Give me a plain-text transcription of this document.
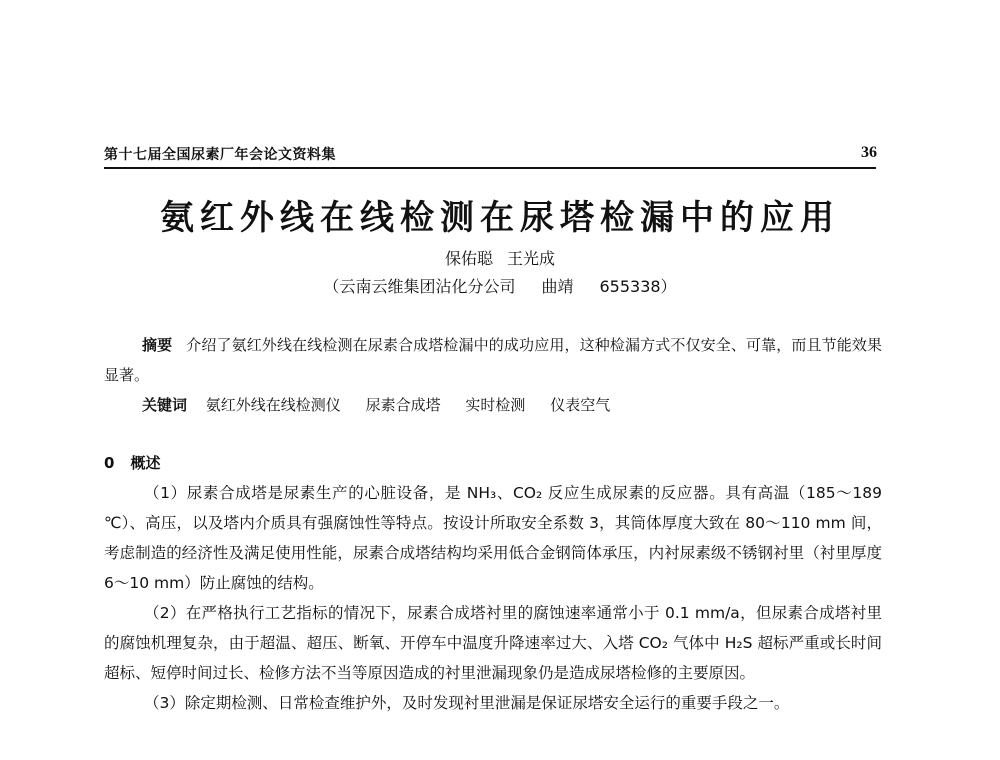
第十七届全国尿素厂年会论文资料集	36
氨红外线在线检测在尿塔检漏中的应用
保佑聪 王光成
（云南云维集团沾化分公司 曲靖 655338）
摘要 介绍了氨红外线在线检测在尿素合成塔检漏中的成功应用，这种检漏方式不仅安全、可靠，而且节能效果显著。
关键词 氨红外线在线检测仪 尿素合成塔 实时检测 仪表空气
0 概述

（1）尿素合成塔是尿素生产的心脏设备，是 NH₃、CO₂ 反应生成尿素的反应器。具有高温（185～189 ℃）、高压，以及塔内介质具有强腐蚀性等特点。按设计所取安全系数 3，其筒体厚度大致在 80～110 mm 间，考虑制造的经济性及满足使用性能，尿素合成塔结构均采用低合金钢筒体承压，内衬尿素级不锈钢衬里（衬里厚度 6～10 mm）防止腐蚀的结构。

（2）在严格执行工艺指标的情况下，尿素合成塔衬里的腐蚀速率通常小于 0.1 mm/a，但尿素合成塔衬里的腐蚀机理复杂，由于超温、超压、断氧、开停车中温度升降速率过大、入塔 CO₂ 气体中 H₂S 超标严重或长时间超标、短停时间过长、检修方法不当等原因造成的衬里泄漏现象仍是造成尿塔检修的主要原因。

（3）除定期检测、日常检查维护外，及时发现衬里泄漏是保证尿塔安全运行的重要手段之一。
